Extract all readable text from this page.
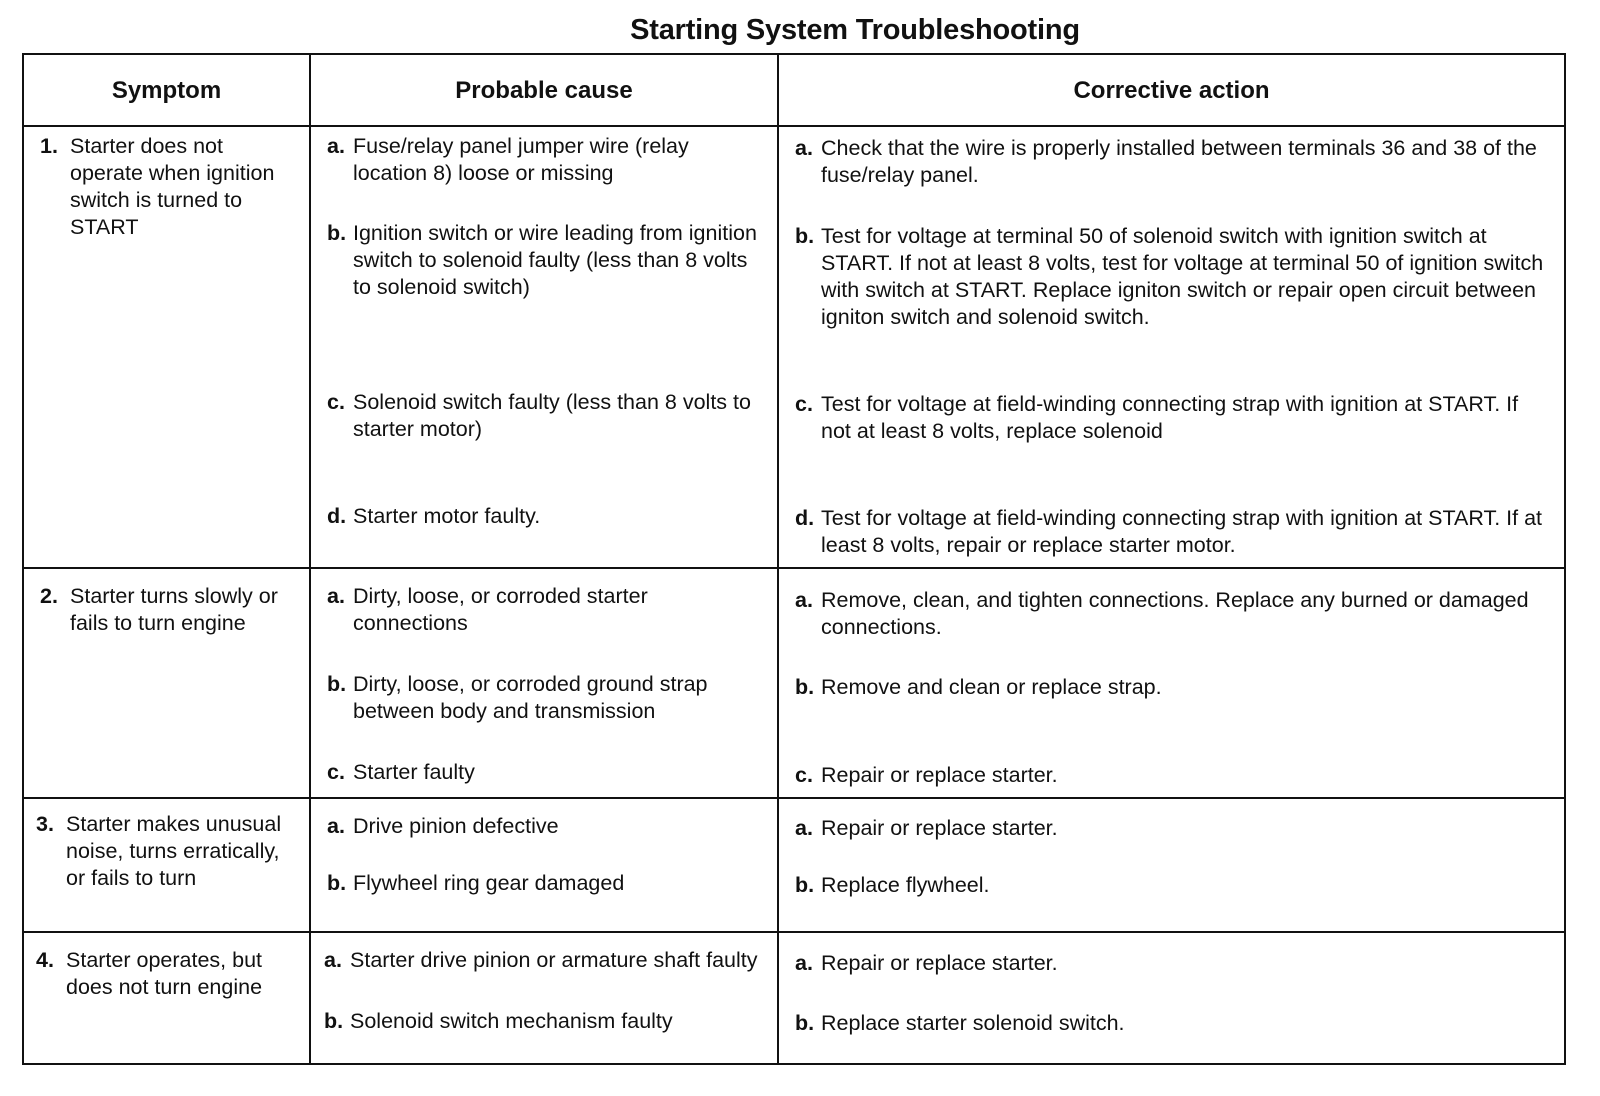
Starting System Troubleshooting
Symptom	Probable cause	Corrective action
1. Starter does not operate when ignition switch is turned to START
a. Fuse/relay panel jumper wire (relay location 8) loose or missing
b. Ignition switch or wire leading from ignition switch to solenoid faulty (less than 8 volts to solenoid switch)
c. Solenoid switch faulty (less than 8 volts to starter motor)
d. Starter motor faulty.
a. Check that the wire is properly installed between terminals 36 and 38 of the fuse/relay panel.
b. Test for voltage at terminal 50 of solenoid switch with ignition switch at START. If not at least 8 volts, test for voltage at terminal 50 of ignition switch with switch at START. Replace igniton switch or repair open circuit between igniton switch and solenoid switch.
c. Test for voltage at field-winding connecting strap with ignition at START. If not at least 8 volts, replace solenoid
d. Test for voltage at field-winding connecting strap with ignition at START. If at least 8 volts, repair or replace starter motor.
2. Starter turns slowly or fails to turn engine
a. Dirty, loose, or corroded starter connections
b. Dirty, loose, or corroded ground strap between body and transmission
c. Starter faulty
a. Remove, clean, and tighten connections. Replace any burned or damaged connections.
b. Remove and clean or replace strap.
c. Repair or replace starter.
3. Starter makes unusual noise, turns erratically, or fails to turn
a. Drive pinion defective
b. Flywheel ring gear damaged
a. Repair or replace starter.
b. Replace flywheel.
4. Starter operates, but does not turn engine
a. Starter drive pinion or armature shaft faulty
b. Solenoid switch mechanism faulty
a. Repair or replace starter.
b. Replace starter solenoid switch.
